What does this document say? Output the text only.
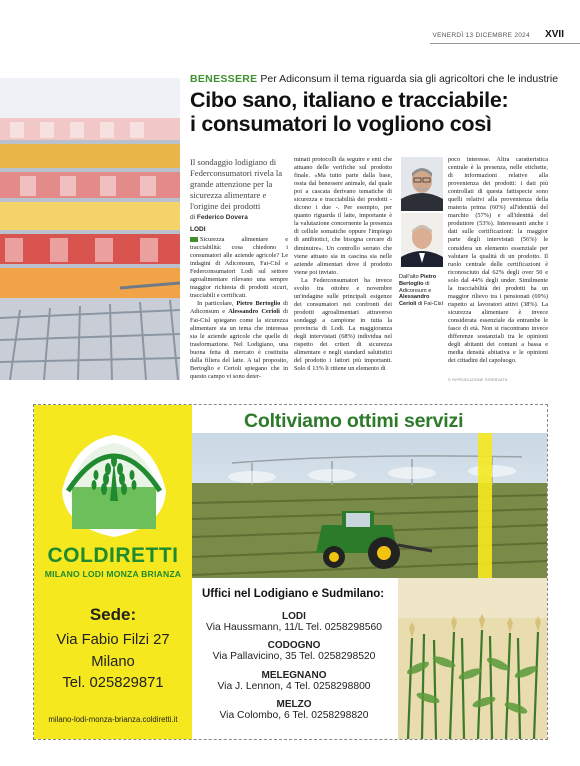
VENERDÌ 13 DICEMBRE 2024 XVII
BENESSERE Per Adiconsum il tema riguarda sia gli agricoltori che le industrie
Cibo sano, italiano e tracciabile:
i consumatori lo vogliono così
Il sondaggio lodigiano di Federconsumatori rivela la grande attenzione per la sicurezza alimentare e l'origine dei prodotti
di Federico Dovera
LODI

Sicurezza alimentare e tracciabilità: cosa chiedono i consumatori alle aziende agricole? Le indagini di Adiconsum, Fai-Cisl e Federconsumatori Lodi sul settore agroalimentare rilevano una sempre maggior richiesta di prodotti sicuri, tracciabili e certificati.

In particolare, Pietro Bertoglio di Adiconsum e Alessandro Cerioli di Fai-Cisl spiegano come la sicurezza alimentare sia un tema che interessa sia le aziende agricole che quelle di trasformazione. Nel Lodigiano, una buona fetta di mercato è costituita dalla filiera del latte. A tal proposito, Bertoglio e Cerioli spiegano che in questo campo vi sono deter-

minati protocolli da seguire e enti che attuano delle verifiche sul prodotto finale. «Ma tutto parte dalla base, ossia dal benessere animale, dal quale poi a cascata derivano tematiche di sicurezza e tracciabilità dei prodotti - dicono i due -. Per esempio, per quanto riguarda il latte, importante è la valutazione concernente la presenza di cellule somatiche oppure l'impiego di antibiotici, che bisogna cercare di diminuire». Un controllo serrato che viene attuato sia in cascina sia nelle aziende alimentari dove il prodotto viene poi inviato.

La Federconsumatori ha invece svolto tra ottobre e novembre un'indagine sulle principali esigenze dei consumatori nei confronti dei prodotti agroalimentari attraverso sondaggi a campione in tutta la provincia di Lodi. La maggioranza degli intervistati (68%) individua nel rispetto dei criteri di sicurezza alimentare e negli standard salutistici del prodotto i fattori più importanti. Solo il 13% li ritiene un elemento di

Dall'alto Pietro Bertoglio di Adiconsum e Alessandro Cerioli di Fai-Cisl

poco interesse. Altra caratteristica centrale è la presenza, nelle etichette, di informazioni relative alla provenienza dei prodotti: i dati più controllati di questa fattispecie sono quelli relativi alla provenienza della materia prima (60%) all'identità del marchio (57%) e all'identità del produttore (53%). Interessanti anche i dati sulle certificazioni: la maggior parte degli intervistati (56%) le considera un elemento essenziale per valutare la qualità di un prodotto. Il ruolo centrale delle certificazioni è riconosciuto dal 62% degli over 50 e solo dal 44% degli under. Similmente la tracciabilità dei prodotti ha un maggior rilievo tra i pensionati (69%) rispetto ai lavoratori attivi (38%). La sicurezza alimentare è invece considerata essenziale da entrambe le fasce di età. Non si riscontrano invece differenze sostanziali tra le opinioni degli abitanti dei comuni a bassa e media densità abitativa e le opinioni dei cittadini del capoluogo.

© RIPRODUZIONE RISERVATA
COLDIRETTI
MILANO LODI MONZA BRIANZA
Sede:
Via Fabio Filzi 27
Milano
Tel. 025829871
milano-lodi-monza-brianza.coldiretti.it
Coltiviamo ottimi servizi
Uffici nel Lodigiano e Sudmilano:
LODI
Via Haussmann, 11/L Tel. 0258298560
CODOGNO
Via Pallavicino, 35 Tel. 0258298520
MELEGNANO
Via J. Lennon, 4 Tel. 0258298800
MELZO
Via Colombo, 6 Tel. 0258298820
